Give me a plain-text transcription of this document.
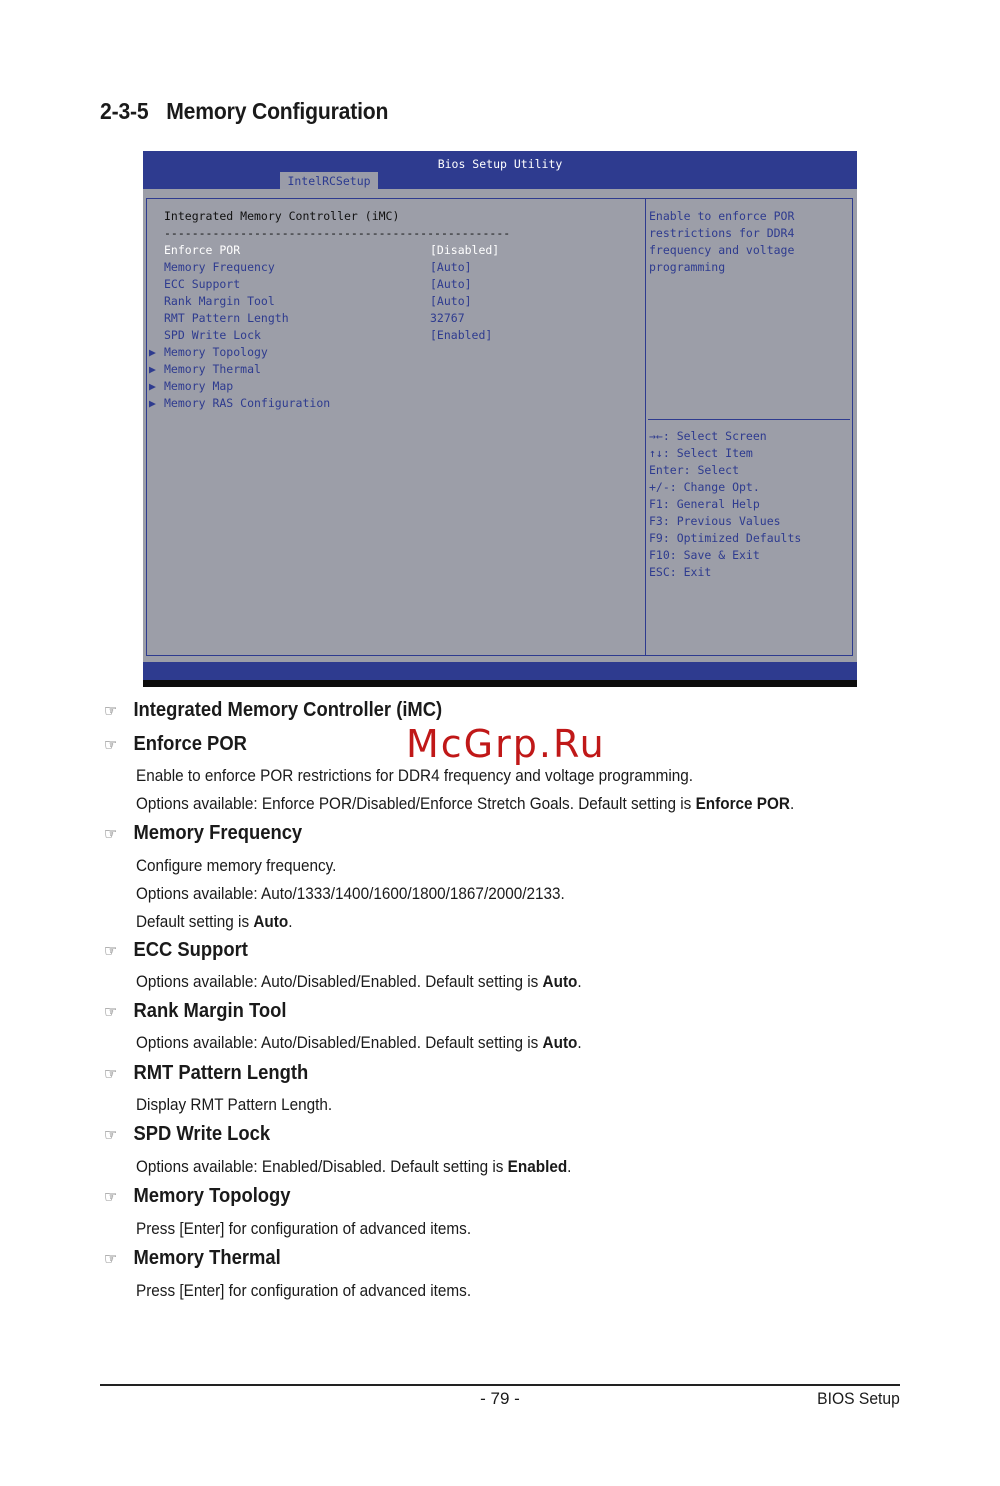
2-3-5 Memory Configuration
Bios Setup Utility
IntelRCSetup
Integrated Memory Controller (iMC)
--------------------------------------------------
Enforce POR	[Disabled]
Memory Frequency	[Auto]
ECC Support	[Auto]
Rank Margin Tool	[Auto]
RMT Pattern Length	32767
SPD Write Lock	[Enabled]
▶ Memory Topology
▶ Memory Thermal
▶ Memory Map
▶ Memory RAS Configuration
Enable to enforce POR restrictions for DDR4 frequency and voltage programming
→←: Select Screen
↑↓: Select Item
Enter: Select
+/-: Change Opt.
F1: General Help
F3: Previous Values
F9: Optimized Defaults
F10: Save & Exit
ESC: Exit
McGrp.Ru
☞ Integrated Memory Controller (iMC)
☞ Enforce POR
Enable to enforce POR restrictions for DDR4 frequency and voltage programming.
Options available: Enforce POR/Disabled/Enforce Stretch Goals. Default setting is Enforce POR.
☞ Memory Frequency
Configure memory frequency.
Options available: Auto/1333/1400/1600/1800/1867/2000/2133.
Default setting is Auto.
☞ ECC Support
Options available: Auto/Disabled/Enabled. Default setting is Auto.
☞ Rank Margin Tool
Options available: Auto/Disabled/Enabled. Default setting is Auto.
☞ RMT Pattern Length
Display RMT Pattern Length.
☞ SPD Write Lock
Options available: Enabled/Disabled. Default setting is Enabled.
☞ Memory Topology
Press [Enter] for configuration of advanced items.
☞ Memory Thermal
Press [Enter] for configuration of advanced items.
- 79 -	BIOS Setup
